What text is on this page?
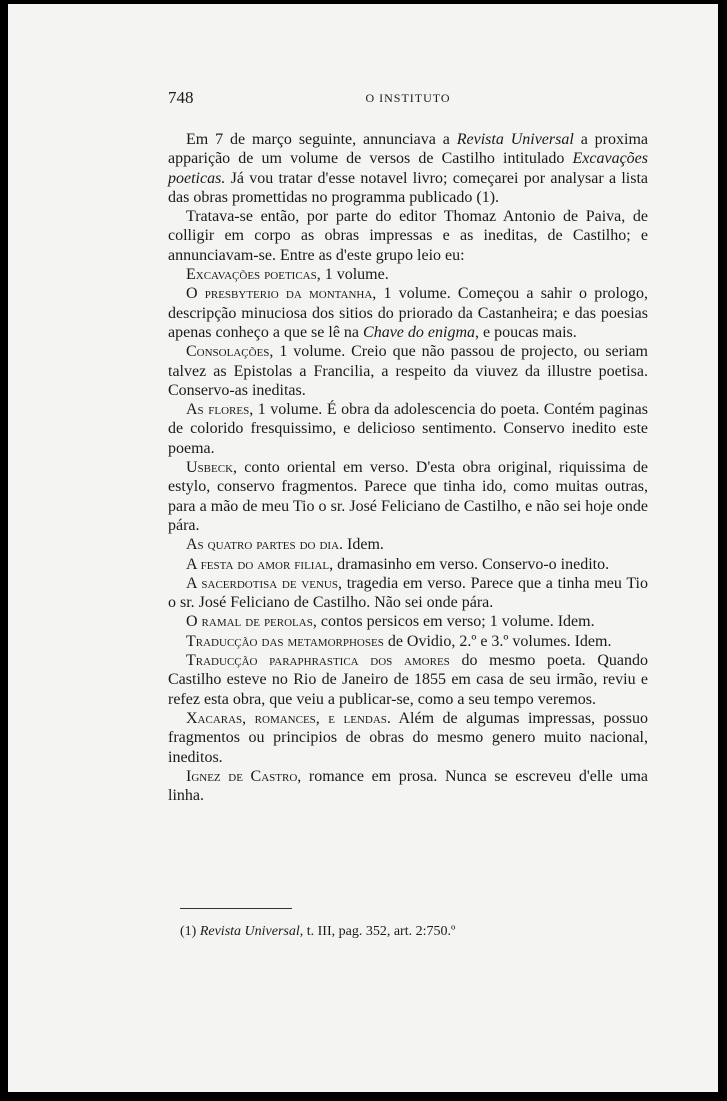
748	O INSTITUTO

Em 7 de março seguinte, annunciava a Revista Universal a proxima apparição de um volume de versos de Castilho intitulado Excavações poeticas. Já vou tratar d'esse notavel livro; começarei por analysar a lista das obras promettidas no programma publicado (1).

Tratava-se então, por parte do editor Thomaz Antonio de Paiva, de colligir em corpo as obras impressas e as ineditas, de Castilho; e annunciavam-se. Entre as d'este grupo leio eu:

Excavações poeticas, 1 volume.

O presbyterio da montanha, 1 volume. Começou a sahir o prologo, descripção minuciosa dos sitios do priorado da Castanheira; e das poesias apenas conheço a que se lê na Chave do enigma, e poucas mais.

Consolações, 1 volume. Creio que não passou de projecto, ou seriam talvez as Epistolas a Francilia, a respeito da viuvez da illustre poetisa. Conservo-as ineditas.

As flores, 1 volume. É obra da adolescencia do poeta. Contém paginas de colorido fresquissimo, e delicioso sentimento. Conservo inedito este poema.

Usbeck, conto oriental em verso. D'esta obra original, riquissima de estylo, conservo fragmentos. Parece que tinha ido, como muitas outras, para a mão de meu Tio o sr. José Feliciano de Castilho, e não sei hoje onde pára.

As quatro partes do dia. Idem.

A festa do amor filial, dramasinho em verso. Conservo-o inedito.

A sacerdotisa de venus, tragedia em verso. Parece que a tinha meu Tio o sr. José Feliciano de Castilho. Não sei onde pára.

O ramal de perolas, contos persicos em verso; 1 volume. Idem.

Traducção das metamorphoses de Ovidio, 2.º e 3.º volumes. Idem.

Traducção paraphrastica dos amores do mesmo poeta. Quando Castilho esteve no Rio de Janeiro de 1855 em casa de seu irmão, reviu e refez esta obra, que veiu a publicar-se, como a seu tempo veremos.

Xacaras, romances, e lendas. Além de algumas impressas, possuo fragmentos ou principios de obras do mesmo genero muito nacional, ineditos.

Ignez de Castro, romance em prosa. Nunca se escreveu d'elle uma linha.

(1) Revista Universal, t. III, pag. 352, art. 2:750.º
